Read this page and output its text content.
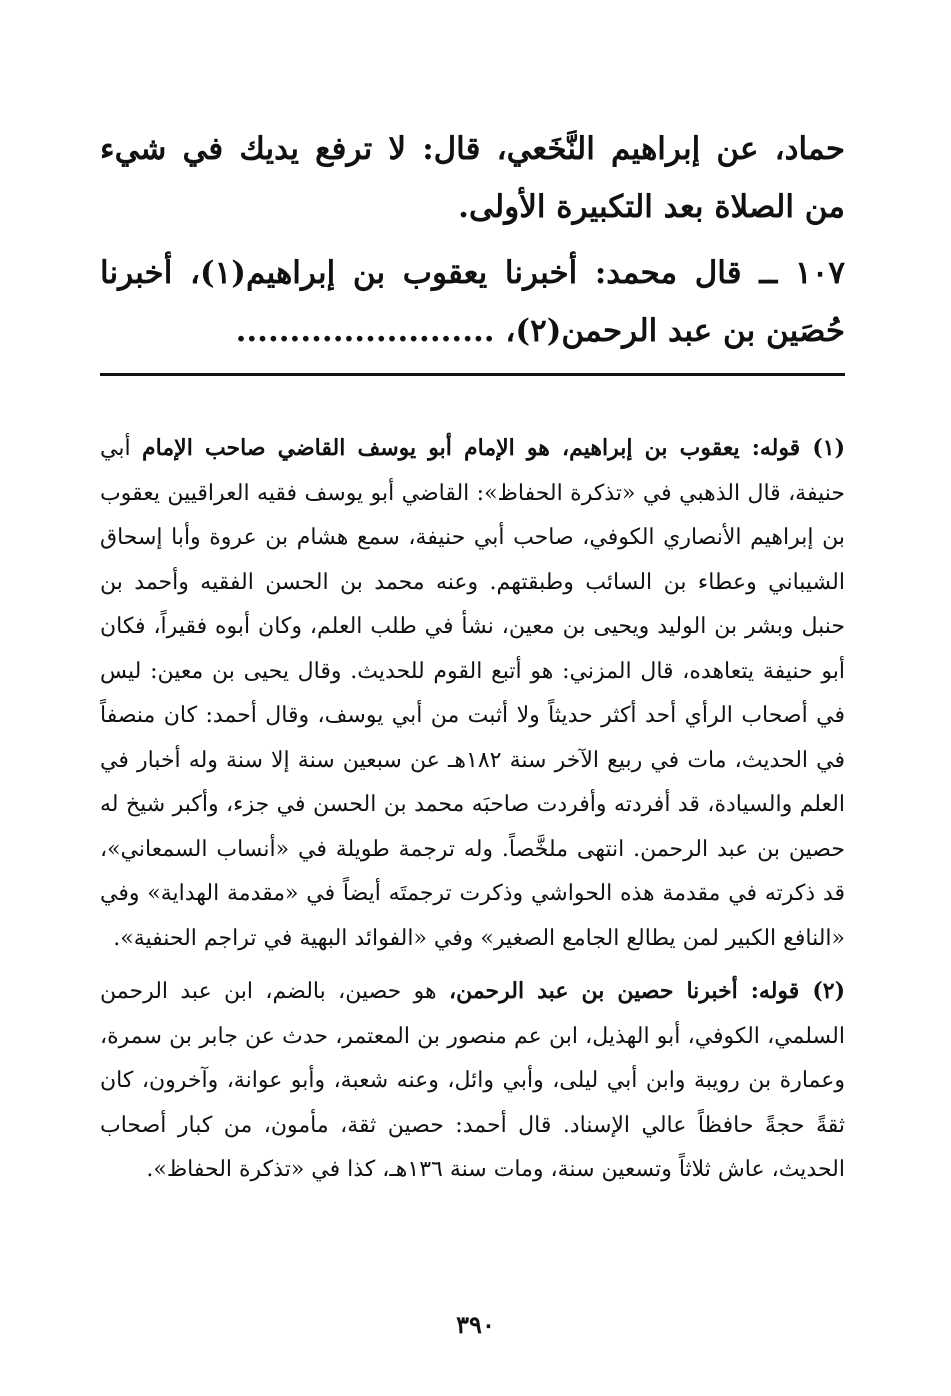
حماد، عن إبراهيم النَّخَعي، قال: لا ترفع يديك في شيء من الصلاة بعد التكبيرة الأولى.

١٠٧ ــ قال محمد: أخبرنا يعقوب بن إبراهيم(١)، أخبرنا حُصَين بن عبد الرحمن(٢)، ........................

(١) قوله: يعقوب بن إبراهيم، هو الإمام أبو يوسف القاضي صاحب الإمام أبي حنيفة، قال الذهبي في «تذكرة الحفاظ»: القاضي أبو يوسف فقيه العراقيين يعقوب بن إبراهيم الأنصاري الكوفي، صاحب أبي حنيفة، سمع هشام بن عروة وأبا إسحاق الشيباني وعطاء بن السائب وطبقتهم. وعنه محمد بن الحسن الفقيه وأحمد بن حنبل وبشر بن الوليد ويحيى بن معين، نشأ في طلب العلم، وكان أبوه فقيراً، فكان أبو حنيفة يتعاهده، قال المزني: هو أتبع القوم للحديث. وقال يحيى بن معين: ليس في أصحاب الرأي أحد أكثر حديثاً ولا أثبت من أبي يوسف، وقال أحمد: كان منصفاً في الحديث، مات في ربيع الآخر سنة ١٨٢هـ عن سبعين سنة إلا سنة وله أخبار في العلم والسيادة، قد أفردته وأفردت صاحبَه محمد بن الحسن في جزء، وأكبر شيخ له حصين بن عبد الرحمن. انتهى ملخَّصاً. وله ترجمة طويلة في «أنساب السمعاني»، قد ذكرته في مقدمة هذه الحواشي وذكرت ترجمتَه أيضاً في «مقدمة الهداية» وفي «النافع الكبير لمن يطالع الجامع الصغير» وفي «الفوائد البهية في تراجم الحنفية».

(٢) قوله: أخبرنا حصين بن عبد الرحمن، هو حصين، بالضم، ابن عبد الرحمن السلمي، الكوفي، أبو الهذيل، ابن عم منصور بن المعتمر، حدث عن جابر بن سمرة، وعمارة بن رويبة وابن أبي ليلى، وأبي وائل، وعنه شعبة، وأبو عوانة، وآخرون، كان ثقةً حجةً حافظاً عالي الإسناد. قال أحمد: حصين ثقة، مأمون، من كبار أصحاب الحديث، عاش ثلاثاً وتسعين سنة، ومات سنة ١٣٦هـ، كذا في «تذكرة الحفاظ».

٣٩٠
